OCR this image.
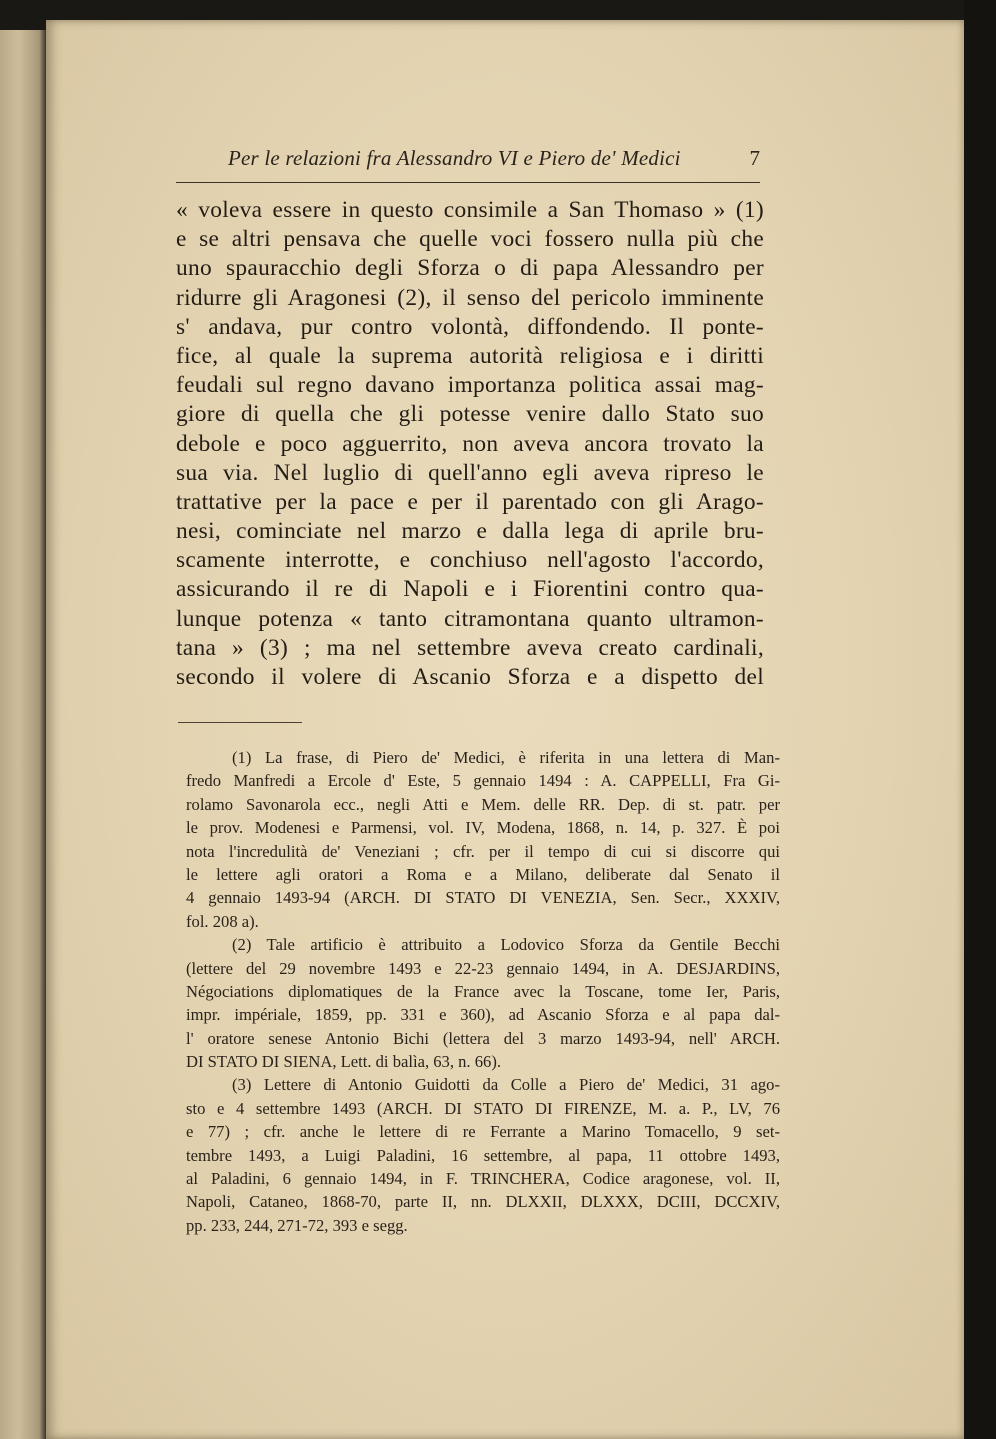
Per le relazioni fra Alessandro VI e Piero de' Medici	7
« voleva essere in questo consimile a San Thomaso » (1)
e se altri pensava che quelle voci fossero nulla più che
uno spauracchio degli Sforza o di papa Alessandro per
ridurre gli Aragonesi (2), il senso del pericolo imminente
s' andava, pur contro volontà, diffondendo. Il ponte-
fice, al quale la suprema autorità religiosa e i diritti
feudali sul regno davano importanza politica assai mag-
giore di quella che gli potesse venire dallo Stato suo
debole e poco agguerrito, non aveva ancora trovato la
sua via. Nel luglio di quell'anno egli aveva ripreso le
trattative per la pace e per il parentado con gli Arago-
nesi, cominciate nel marzo e dalla lega di aprile bru-
scamente interrotte, e conchiuso nell'agosto l'accordo,
assicurando il re di Napoli e i Fiorentini contro qua-
lunque potenza « tanto citramontana quanto ultramon-
tana » (3) ; ma nel settembre aveva creato cardinali,
secondo il volere di Ascanio Sforza e a dispetto del
(1) La frase, di Piero de' Medici, è riferita in una lettera di Man-
fredo Manfredi a Ercole d' Este, 5 gennaio 1494 : A. CAPPELLI, Fra Gi-
rolamo Savonarola ecc., negli Atti e Mem. delle RR. Dep. di st. patr. per
le prov. Modenesi e Parmensi, vol. IV, Modena, 1868, n. 14, p. 327. È poi
nota l'incredulità de' Veneziani ; cfr. per il tempo di cui si discorre qui
le lettere agli oratori a Roma e a Milano, deliberate dal Senato il
4 gennaio 1493-94 (ARCH. DI STATO DI VENEZIA, Sen. Secr., XXXIV,
fol. 208 a).
(2) Tale artificio è attribuito a Lodovico Sforza da Gentile Becchi
(lettere del 29 novembre 1493 e 22-23 gennaio 1494, in A. DESJARDINS,
Négociations diplomatiques de la France avec la Toscane, tome Ier, Paris,
impr. impériale, 1859, pp. 331 e 360), ad Ascanio Sforza e al papa dal-
l' oratore senese Antonio Bichi (lettera del 3 marzo 1493-94, nell' ARCH.
DI STATO DI SIENA, Lett. di balìa, 63, n. 66).
(3) Lettere di Antonio Guidotti da Colle a Piero de' Medici, 31 ago-
sto e 4 settembre 1493 (ARCH. DI STATO DI FIRENZE, M. a. P., LV, 76
e 77) ; cfr. anche le lettere di re Ferrante a Marino Tomacello, 9 set-
tembre 1493, a Luigi Paladini, 16 settembre, al papa, 11 ottobre 1493,
al Paladini, 6 gennaio 1494, in F. TRINCHERA, Codice aragonese, vol. II,
Napoli, Cataneo, 1868-70, parte II, nn. DLXXII, DLXXX, DCIII, DCCXIV,
pp. 233, 244, 271-72, 393 e segg.
